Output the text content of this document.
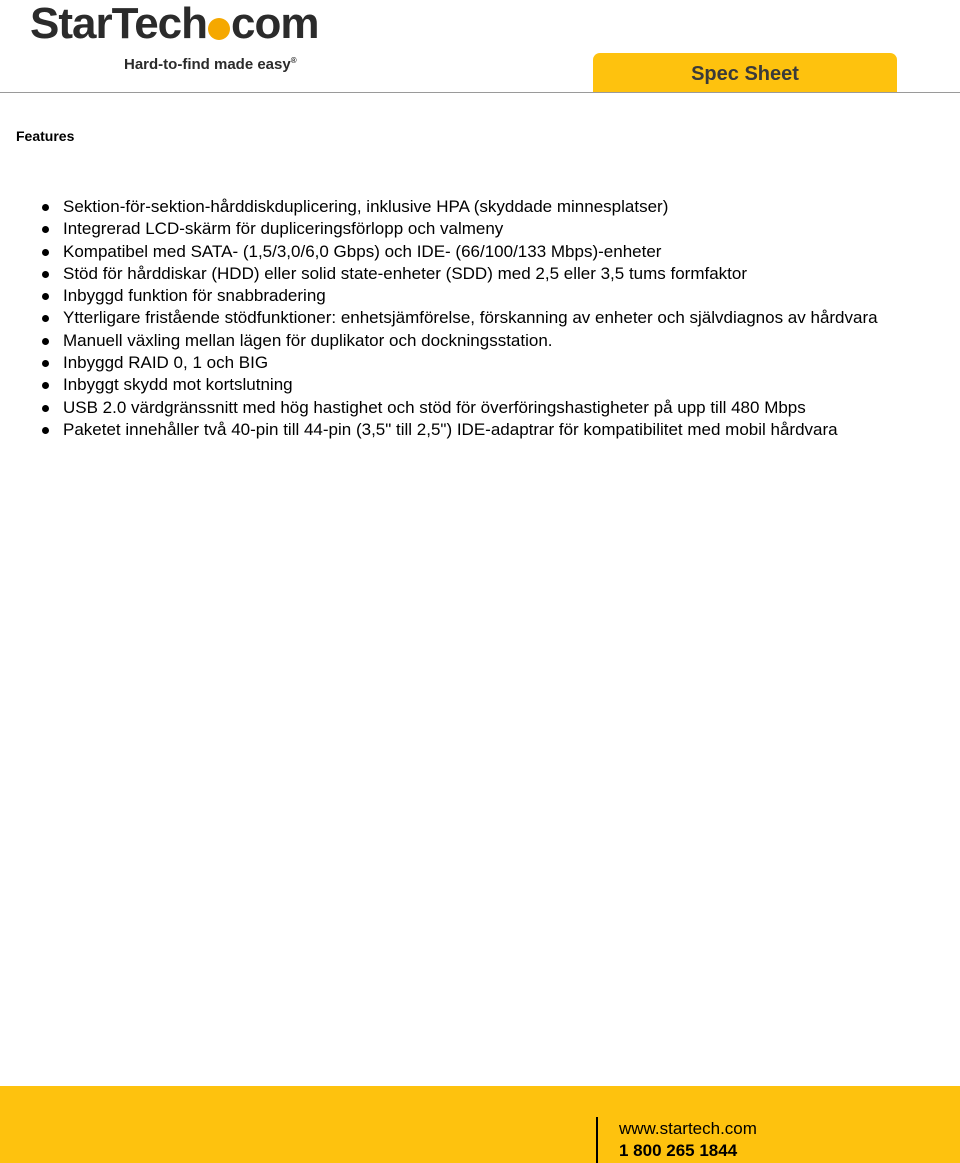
StarTech com
Hard-to-find made easy®
Spec Sheet
Features
Sektion-för-sektion-hårddiskduplicering, inklusive HPA (skyddade minnesplatser)
Integrerad LCD-skärm för dupliceringsförlopp och valmeny
Kompatibel med SATA- (1,5/3,0/6,0 Gbps) och IDE- (66/100/133 Mbps)-enheter
Stöd för hårddiskar (HDD) eller solid state-enheter (SDD) med 2,5 eller 3,5 tums formfaktor
Inbyggd funktion för snabbradering
Ytterligare fristående stödfunktioner: enhetsjämförelse, förskanning av enheter och självdiagnos av hårdvara
Manuell växling mellan lägen för duplikator och dockningsstation.
Inbyggd RAID 0, 1 och BIG
Inbyggt skydd mot kortslutning
USB 2.0 värdgränssnitt med hög hastighet och stöd för överföringshastigheter på upp till 480 Mbps
Paketet innehåller två 40-pin till 44-pin (3,5" till 2,5") IDE-adaptrar för kompatibilitet med mobil hårdvara
www.startech.com
1 800 265 1844
